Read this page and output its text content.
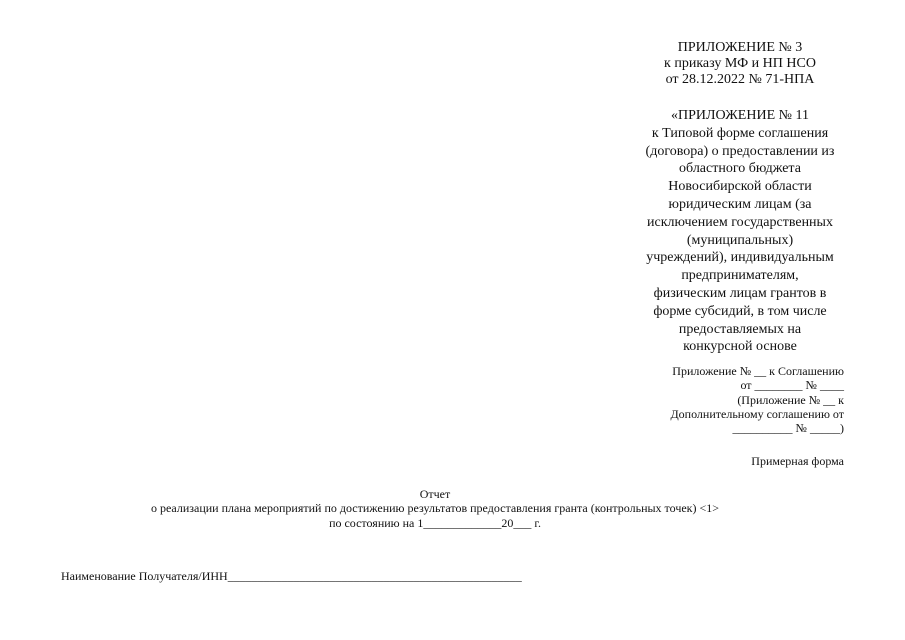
ПРИЛОЖЕНИЕ № 3
к приказу МФ и НП НСО
от 28.12.2022 № 71-НПА
«ПРИЛОЖЕНИЕ № 11
к Типовой форме соглашения
(договора) о предоставлении из
областного бюджета
Новосибирской области
юридическим лицам (за
исключением государственных
(муниципальных)
учреждений), индивидуальным
предпринимателям,
физическим лицам грантов в
форме субсидий, в том числе
предоставляемых на
конкурсной основе
Приложение № __ к Соглашению
от ________ № ____
(Приложение № __ к
Дополнительному соглашению от
__________ № _____)
Примерная форма
Отчет
о реализации плана мероприятий по достижению результатов предоставления гранта (контрольных точек) <1>
по состоянию на 1_____________20___ г.
Наименование Получателя/ИНН_________________________________________________
